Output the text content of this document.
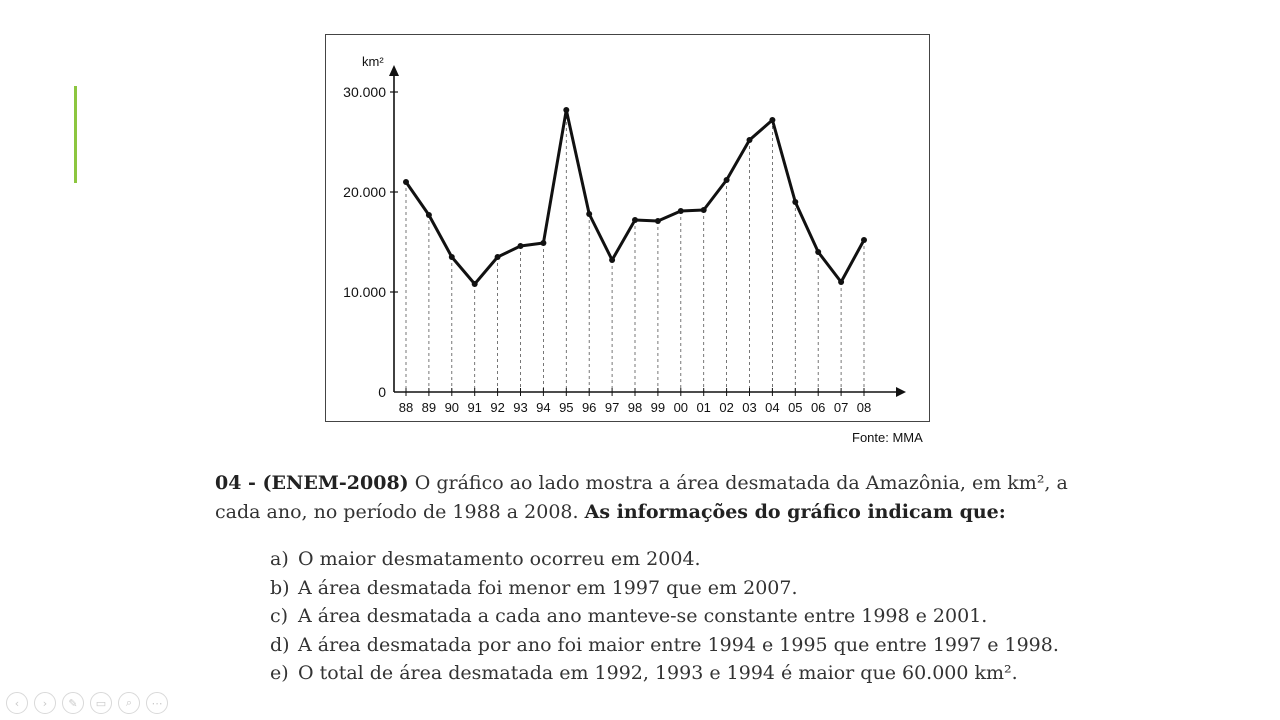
0
10.000
20.000
30.000
km²
88 89 90 91 92 93 94 95 96 97 98 99 00 01 02 03 04 05 06 07 08
Fonte: MMA
04 - (ENEM-2008) O gráfico ao lado mostra a área desmatada da Amazônia, em km², a cada ano, no período de 1988 a 2008. As informações do gráfico indicam que:
a) O maior desmatamento ocorreu em 2004.
b) A área desmatada foi menor em 1997 que em 2007.
c) A área desmatada a cada ano manteve-se constante entre 1998 e 2001.
d) A área desmatada por ano foi maior entre 1994 e 1995 que entre 1997 e 1998.
e) O total de área desmatada em 1992, 1993 e 1994 é maior que 60.000 km².
‹	›	✎	▭	⌕	⋯
